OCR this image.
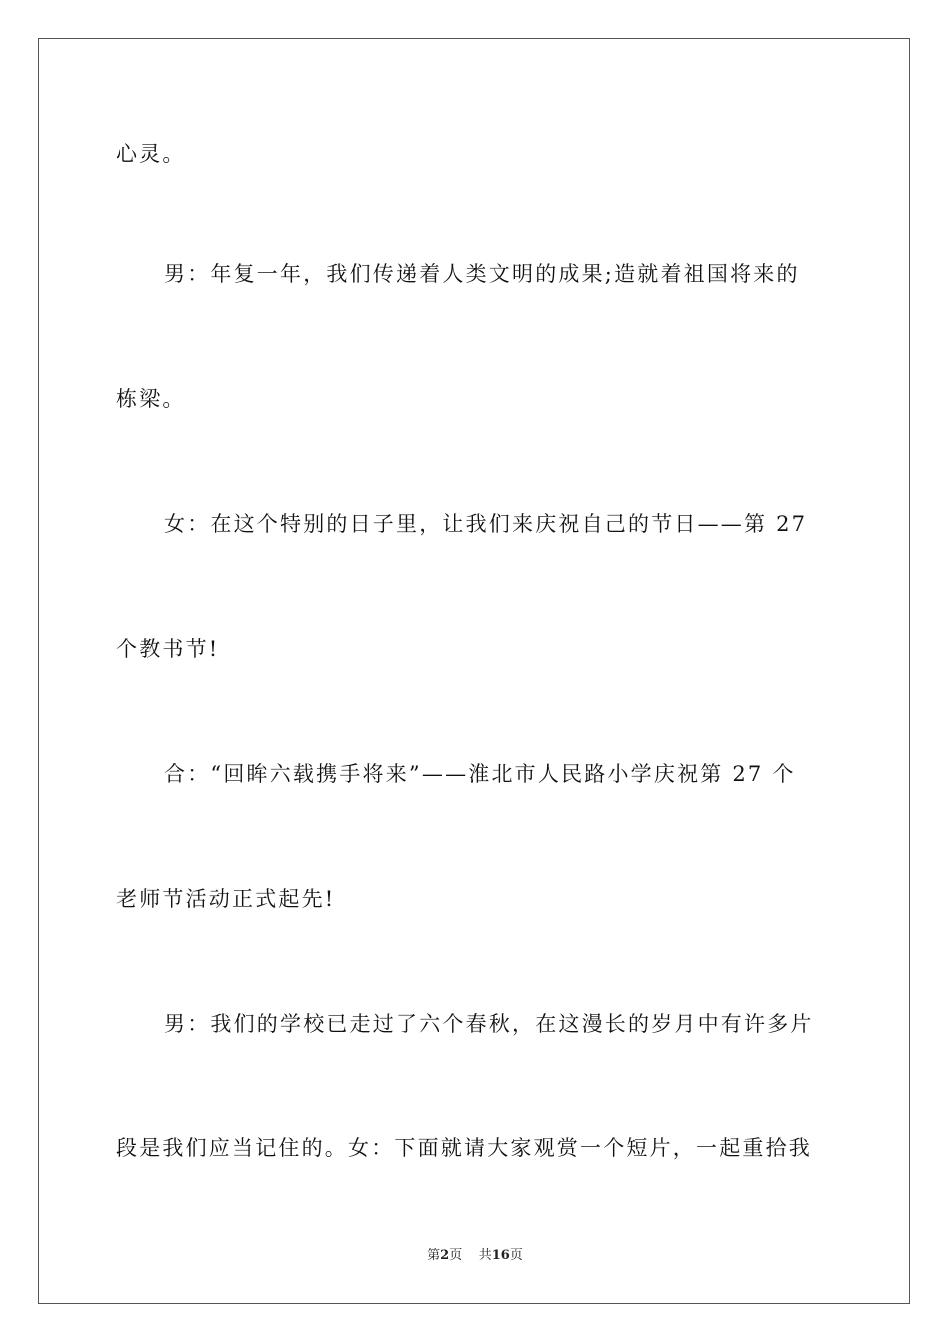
心灵。
男：年复一年，我们传递着人类文明的成果;造就着祖国将来的
栋梁。
女：在这个特别的日子里，让我们来庆祝自己的节日——第 27
个教书节!
合：“回眸六载携手将来”——淮北市人民路小学庆祝第 27 个
老师节活动正式起先!
男：我们的学校已走过了六个春秋，在这漫长的岁月中有许多片
段是我们应当记住的。女：下面就请大家观赏一个短片，一起重拾我
第2页 共16页
